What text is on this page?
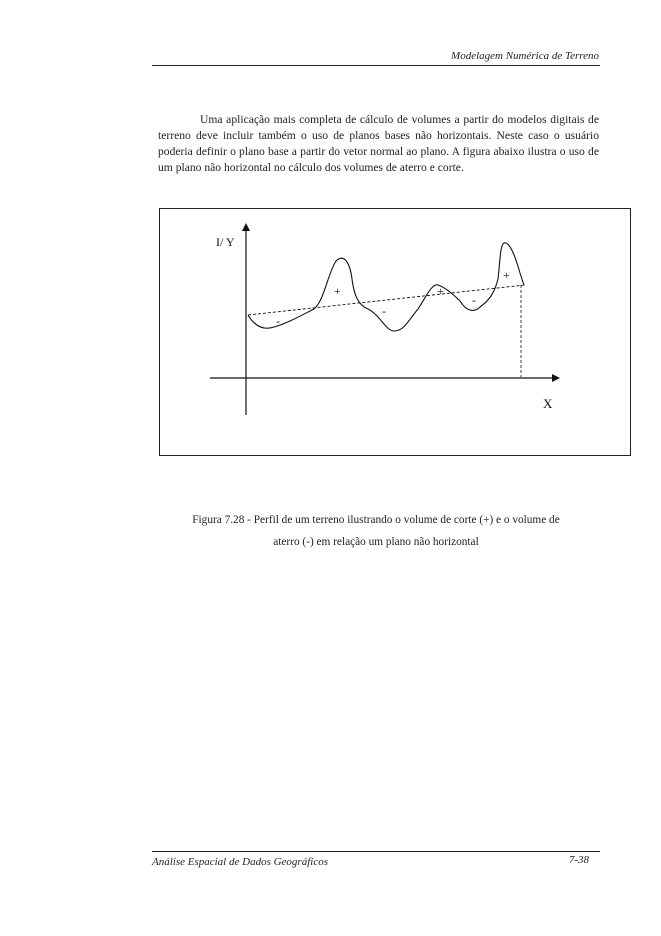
Modelagem Numérica de Terreno

Uma aplicação mais completa de cálculo de volumes a partir do modelos digitais de terreno deve incluir também o uso de planos bases não horizontais. Neste caso o usuário poderia definir o plano base a partir do vetor normal ao plano. A figura abaixo ilustra o uso de um plano não horizontal no cálculo dos volumes de aterro e corte.

I/ Y
X
+
-
+
-
+
-
Figura 7.28 - Perfil de um terreno ilustrando o volume de corte (+) e o volume de
aterro (-) em relação um plano não horizontal
Análise Espacial de Dados Geográficos	7-38
